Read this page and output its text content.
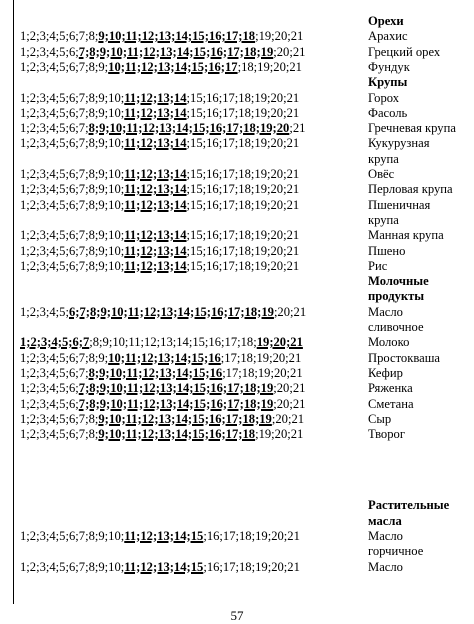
Орехи
1;2;3;4;5;6;7;8;9;10;11;12;13;14;15;16;17;18;19;20;21	Арахис
1;2;3;4;5;6;7;8;9;10;11;12;13;14;15;16;17;18;19;20;21	Грецкий орех
1;2;3;4;5;6;7;8;9;10;11;12;13;14;15;16;17;18;19;20;21	Фундук
Крупы
1;2;3;4;5;6;7;8;9;10;11;12;13;14;15;16;17;18;19;20;21	Горох
1;2;3;4;5;6;7;8;9;10;11;12;13;14;15;16;17;18;19;20;21	Фасоль
1;2;3;4;5;6;7;8;9;10;11;12;13;14;15;16;17;18;19;20;21	Гречневая крупа
1;2;3;4;5;6;7;8;9;10;11;12;13;14;15;16;17;18;19;20;21	Кукурузная
крупа
1;2;3;4;5;6;7;8;9;10;11;12;13;14;15;16;17;18;19;20;21	Овёс
1;2;3;4;5;6;7;8;9;10;11;12;13;14;15;16;17;18;19;20;21	Перловая крупа
1;2;3;4;5;6;7;8;9;10;11;12;13;14;15;16;17;18;19;20;21	Пшеничная
крупа
1;2;3;4;5;6;7;8;9;10;11;12;13;14;15;16;17;18;19;20;21	Манная крупа
1;2;3;4;5;6;7;8;9;10;11;12;13;14;15;16;17;18;19;20;21	Пшено
1;2;3;4;5;6;7;8;9;10;11;12;13;14;15;16;17;18;19;20;21	Рис
Молочные
продукты
1;2;3;4;5;6;7;8;9;10;11;12;13;14;15;16;17;18;19;20;21	Масло
сливочное
1;2;3;4;5;6;7;8;9;10;11;12;13;14;15;16;17;18;19;20;21	Молоко
1;2;3;4;5;6;7;8;9;10;11;12;13;14;15;16;17;18;19;20;21	Простокваша
1;2;3;4;5;6;7;8;9;10;11;12;13;14;15;16;17;18;19;20;21	Кефир
1;2;3;4;5;6;7;8;9;10;11;12;13;14;15;16;17;18;19;20;21	Ряженка
1;2;3;4;5;6;7;8;9;10;11;12;13;14;15;16;17;18;19;20;21	Сметана
1;2;3;4;5;6;7;8;9;10;11;12;13;14;15;16;17;18;19;20;21	Сыр
1;2;3;4;5;6;7;8;9;10;11;12;13;14;15;16;17;18;19;20;21	Творог
Растительные
масла
1;2;3;4;5;6;7;8;9;10;11;12;13;14;15;16;17;18;19;20;21	Масло
горчичное
1;2;3;4;5;6;7;8;9;10;11;12;13;14;15;16;17;18;19;20;21	Масло
57
